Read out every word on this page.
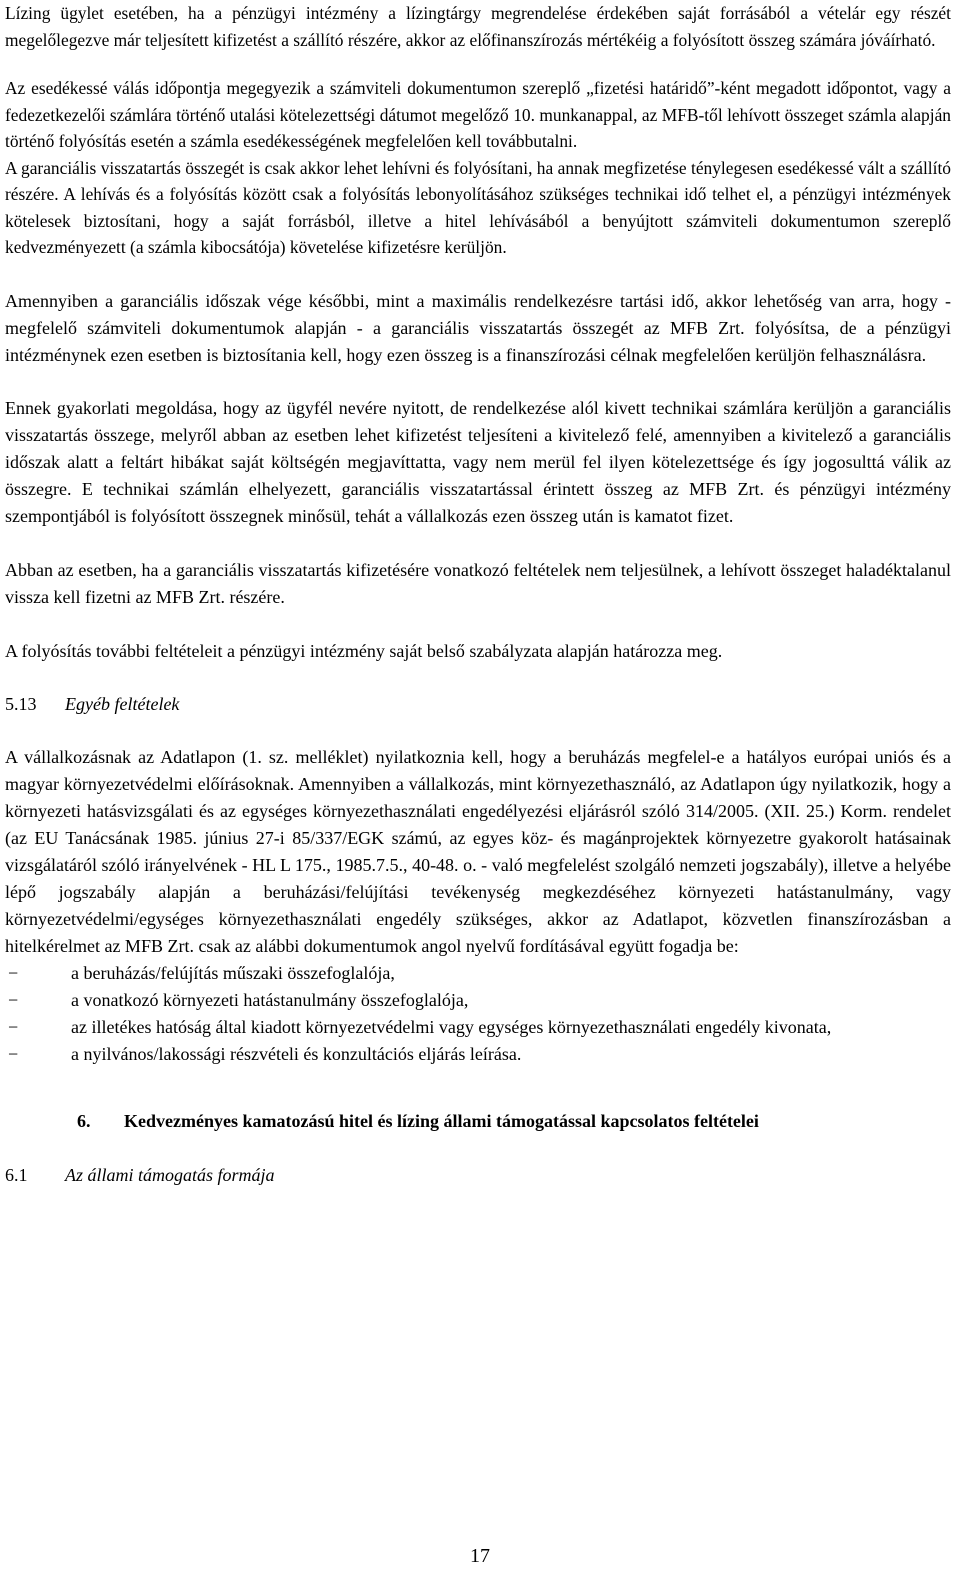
Lízing ügylet esetében, ha a pénzügyi intézmény a lízingtárgy megrendelése érdekében saját forrásából a vételár egy részét megelőlegezve már teljesített kifizetést a szállító részére, akkor az előfinanszírozás mértékéig a folyósított összeg számára jóváírható.

Az esedékessé válás időpontja megegyezik a számviteli dokumentumon szereplő „fizetési határidő”-ként megadott időpontot, vagy a fedezetkezelői számlára történő utalási kötelezettségi dátumot megelőző 10. munkanappal, az MFB-től lehívott összeget számla alapján történő folyósítás esetén a számla esedékességének megfelelően kell továbbutalni.

A garanciális visszatartás összegét is csak akkor lehet lehívni és folyósítani, ha annak megfizetése ténylegesen esedékessé vált a szállító részére. A lehívás és a folyósítás között csak a folyósítás lebonyolításához szükséges technikai idő telhet el, a pénzügyi intézmények kötelesek biztosítani, hogy a saját forrásból, illetve a hitel lehívásából a benyújtott számviteli dokumentumon szereplő kedvezményezett (a számla kibocsátója) követelése kifizetésre kerüljön.

Amennyiben a garanciális időszak vége későbbi, mint a maximális rendelkezésre tartási idő, akkor lehetőség van arra, hogy - megfelelő számviteli dokumentumok alapján - a garanciális visszatartás összegét az MFB Zrt. folyósítsa, de a pénzügyi intézménynek ezen esetben is biztosítania kell, hogy ezen összeg is a finanszírozási célnak megfelelően kerüljön felhasználásra.

Ennek gyakorlati megoldása, hogy az ügyfél nevére nyitott, de rendelkezése alól kivett technikai számlára kerüljön a garanciális visszatartás összege, melyről abban az esetben lehet kifizetést teljesíteni a kivitelező felé, amennyiben a kivitelező a garanciális időszak alatt a feltárt hibákat saját költségén megjavíttatta, vagy nem merül fel ilyen kötelezettsége és így jogosulttá válik az összegre. E technikai számlán elhelyezett, garanciális visszatartással érintett összeg az MFB Zrt. és pénzügyi intézmény szempontjából is folyósított összegnek minősül, tehát a vállalkozás ezen összeg után is kamatot fizet.

Abban az esetben, ha a garanciális visszatartás kifizetésére vonatkozó feltételek nem teljesülnek, a lehívott összeget haladéktalanul vissza kell fizetni az MFB Zrt. részére.

A folyósítás további feltételeit a pénzügyi intézmény saját belső szabályzata alapján határozza meg.

5.13 Egyéb feltételek

A vállalkozásnak az Adatlapon (1. sz. melléklet) nyilatkoznia kell, hogy a beruházás megfelel-e a hatályos európai uniós és a magyar környezetvédelmi előírásoknak. Amennyiben a vállalkozás, mint környezethasználó, az Adatlapon úgy nyilatkozik, hogy a környezeti hatásvizsgálati és az egységes környezethasználati engedélyezési eljárásról szóló 314/2005. (XII. 25.) Korm. rendelet (az EU Tanácsának 1985. június 27-i 85/337/EGK számú, az egyes köz- és magánprojektek környezetre gyakorolt hatásainak vizsgálatáról szóló irányelvének - HL L 175., 1985.7.5., 40-48. o. - való megfelelést szolgáló nemzeti jogszabály), illetve a helyébe lépő jogszabály alapján a beruházási/felújítási tevékenység megkezdéséhez környezeti hatástanulmány, vagy környezetvédelmi/egységes környezethasználati engedély szükséges, akkor az Adatlapot, közvetlen finanszírozásban a hitelkérelmet az MFB Zrt. csak az alábbi dokumentumok angol nyelvű fordításával együtt fogadja be:

−	a beruházás/felújítás műszaki összefoglalója,
−	a vonatkozó környezeti hatástanulmány összefoglalója,
−	az illetékes hatóság által kiadott környezetvédelmi vagy egységes környezethasználati engedély kivonata,
−	a nyilvános/lakossági részvételi és konzultációs eljárás leírása.

6. Kedvezményes kamatozású hitel és lízing állami támogatással kapcsolatos feltételei

6.1 Az állami támogatás formája

17
